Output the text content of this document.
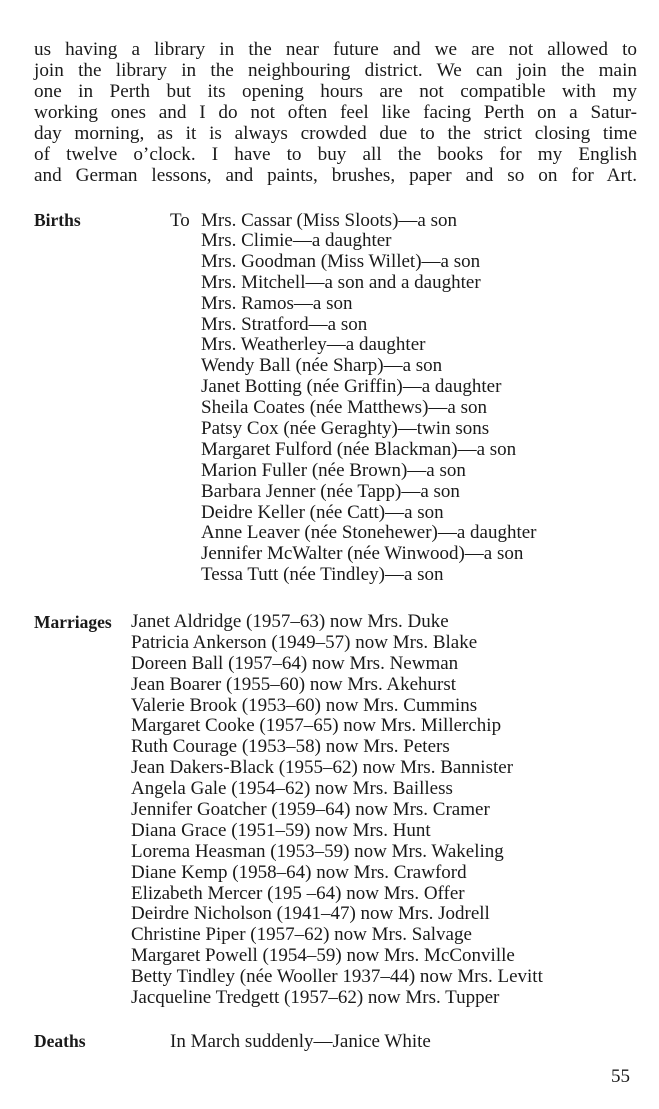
us having a library in the near future and we are not allowed to
join the library in the neighbouring district. We can join the main
one in Perth but its opening hours are not compatible with my
working ones and I do not often feel like facing Perth on a Satur-
day morning, as it is always crowded due to the strict closing time
of twelve o’clock. I have to buy all the books for my English
and German lessons, and paints, brushes, paper and so on for Art.
Births	To Mrs. Cassar (Miss Sloots)—a son
Mrs. Climie—a daughter
Mrs. Goodman (Miss Willet)—a son
Mrs. Mitchell—a son and a daughter
Mrs. Ramos—a son
Mrs. Stratford—a son
Mrs. Weatherley—a daughter
Wendy Ball (née Sharp)—a son
Janet Botting (née Griffin)—a daughter
Sheila Coates (née Matthews)—a son
Patsy Cox (née Geraghty)—twin sons
Margaret Fulford (née Blackman)—a son
Marion Fuller (née Brown)—a son
Barbara Jenner (née Tapp)—a son
Deidre Keller (née Catt)—a son
Anne Leaver (née Stonehewer)—a daughter
Jennifer McWalter (née Winwood)—a son
Tessa Tutt (née Tindley)—a son
Marriages Janet Aldridge (1957–63) now Mrs. Duke
Patricia Ankerson (1949–57) now Mrs. Blake
Doreen Ball (1957–64) now Mrs. Newman
Jean Boarer (1955–60) now Mrs. Akehurst
Valerie Brook (1953–60) now Mrs. Cummins
Margaret Cooke (1957–65) now Mrs. Millerchip
Ruth Courage (1953–58) now Mrs. Peters
Jean Dakers-Black (1955–62) now Mrs. Bannister
Angela Gale (1954–62) now Mrs. Bailless
Jennifer Goatcher (1959–64) now Mrs. Cramer
Diana Grace (1951–59) now Mrs. Hunt
Lorema Heasman (1953–59) now Mrs. Wakeling
Diane Kemp (1958–64) now Mrs. Crawford
Elizabeth Mercer (195 –64) now Mrs. Offer
Deirdre Nicholson (1941–47) now Mrs. Jodrell
Christine Piper (1957–62) now Mrs. Salvage
Margaret Powell (1954–59) now Mrs. McConville
Betty Tindley (née Wooller 1937–44) now Mrs. Levitt
Jacqueline Tredgett (1957–62) now Mrs. Tupper
Deaths	In March suddenly—Janice White
55
